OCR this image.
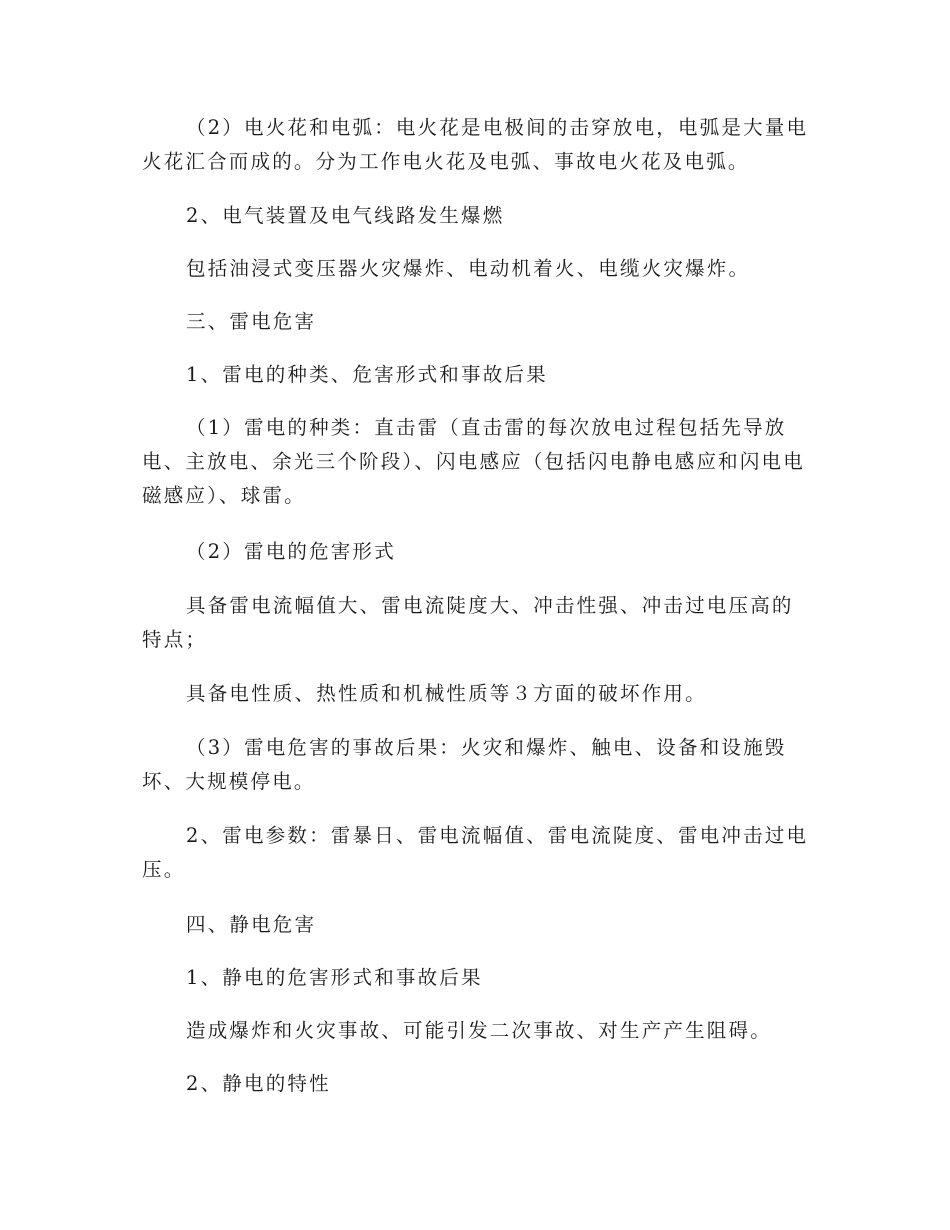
（2）电火花和电弧：电火花是电极间的击穿放电，电弧是大量电火花汇合而成的。分为工作电火花及电弧、事故电火花及电弧。

2、电气装置及电气线路发生爆燃

包括油浸式变压器火灾爆炸、电动机着火、电缆火灾爆炸。

三、雷电危害

1、雷电的种类、危害形式和事故后果

（1）雷电的种类：直击雷（直击雷的每次放电过程包括先导放电、主放电、余光三个阶段）、闪电感应（包括闪电静电感应和闪电电磁感应）、球雷。

（2）雷电的危害形式

具备雷电流幅值大、雷电流陡度大、冲击性强、冲击过电压高的特点；

具备电性质、热性质和机械性质等３方面的破坏作用。

（3）雷电危害的事故后果：火灾和爆炸、触电、设备和设施毁坏、大规模停电。

2、雷电参数：雷暴日、雷电流幅值、雷电流陡度、雷电冲击过电压。

四、静电危害

1、静电的危害形式和事故后果

造成爆炸和火灾事故、可能引发二次事故、对生产产生阻碍。

2、静电的特性
